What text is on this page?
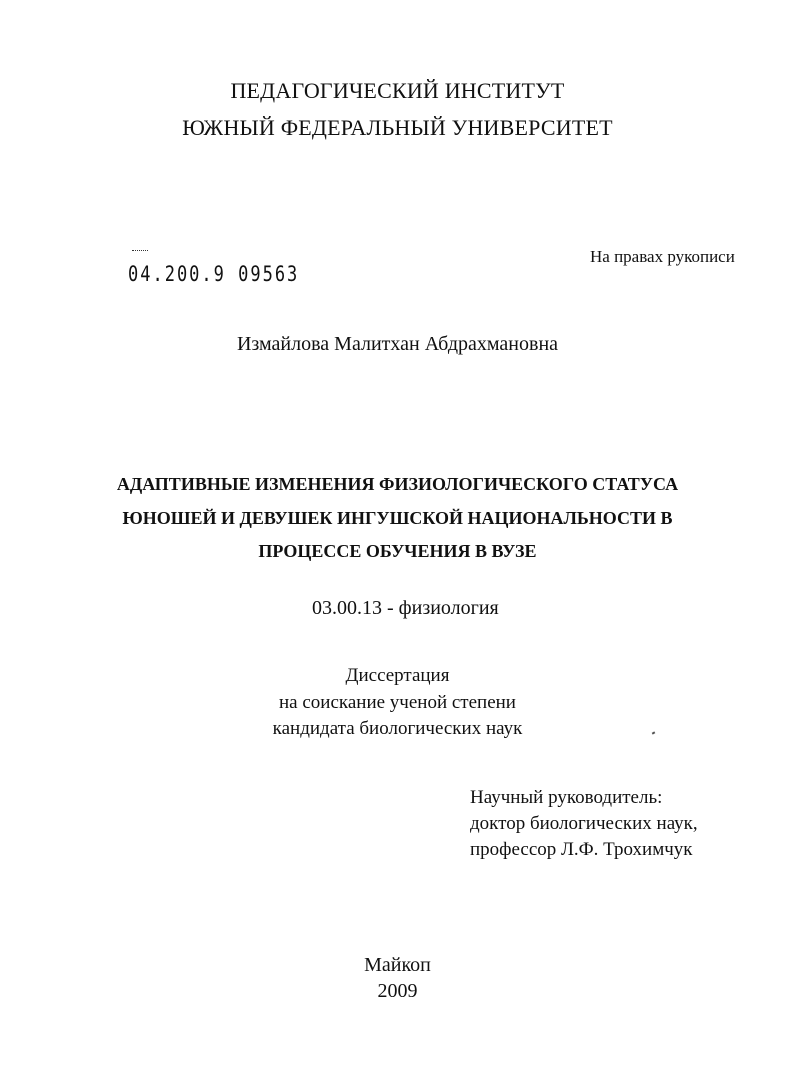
ПЕДАГОГИЧЕСКИЙ ИНСТИТУТ
ЮЖНЫЙ ФЕДЕРАЛЬНЫЙ УНИВЕРСИТЕТ
04.200.9 09563
На правах рукописи
Измайлова Малитхан Абдрахмановна
АДАПТИВНЫЕ ИЗМЕНЕНИЯ ФИЗИОЛОГИЧЕСКОГО СТАТУСА
ЮНОШЕЙ И ДЕВУШЕК ИНГУШСКОЙ НАЦИОНАЛЬНОСТИ В
ПРОЦЕССЕ ОБУЧЕНИЯ В ВУЗЕ
03.00.13 - физиология
Диссертация
на соискание ученой степени
кандидата биологических наук
Научный руководитель:
доктор биологических наук,
профессор Л.Ф. Трохимчук
Майкоп
2009
